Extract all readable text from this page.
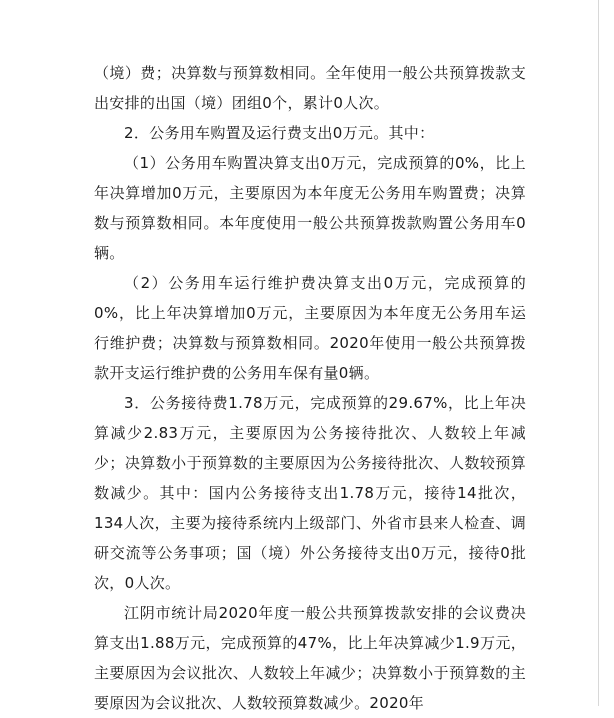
（境）费；决算数与预算数相同。全年使用一般公共预算拨款支出安排的出国（境）团组0个，累计0人次。

2．公务用车购置及运行费支出0万元。其中：

（1）公务用车购置决算支出0万元，完成预算的0%，比上年决算增加0万元，主要原因为本年度无公务用车购置费；决算数与预算数相同。本年度使用一般公共预算拨款购置公务用车0辆。

（2）公务用车运行维护费决算支出0万元，完成预算的0%，比上年决算增加0万元，主要原因为本年度无公务用车运行维护费；决算数与预算数相同。2020年使用一般公共预算拨款开支运行维护费的公务用车保有量0辆。

3．公务接待费1.78万元，完成预算的29.67%，比上年决算减少2.83万元，主要原因为公务接待批次、人数较上年减少；决算数小于预算数的主要原因为公务接待批次、人数较预算数减少。其中：国内公务接待支出1.78万元，接待14批次，134人次，主要为接待系统内上级部门、外省市县来人检查、调研交流等公务事项；国（境）外公务接待支出0万元，接待0批次，0人次。

江阴市统计局2020年度一般公共预算拨款安排的会议费决算支出1.88万元，完成预算的47%，比上年决算减少1.9万元，主要原因为会议批次、人数较上年减少；决算数小于预算数的主要原因为会议批次、人数较预算数减少。2020年
